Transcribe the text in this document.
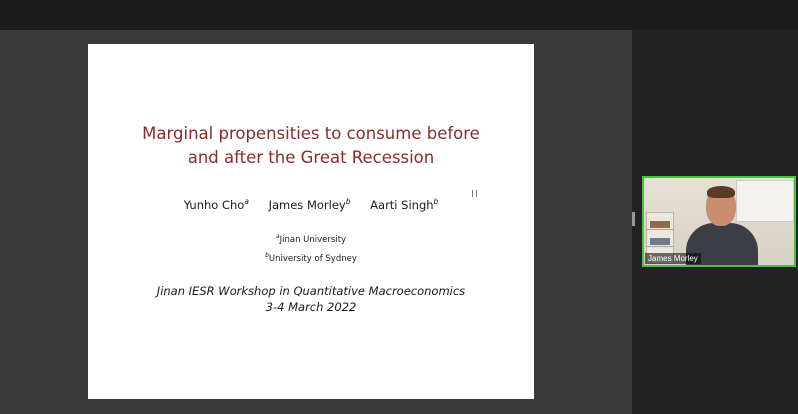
Marginal propensities to consume before
and after the Great Recession
Yunho Cho$^a$ James Morley$^b$ Aarti Singh$^b$
$^a$Jinan University
$^b$University of Sydney
Jinan IESR Workshop in Quantitative Macroeconomics
3-4 March 2022
James Morley
